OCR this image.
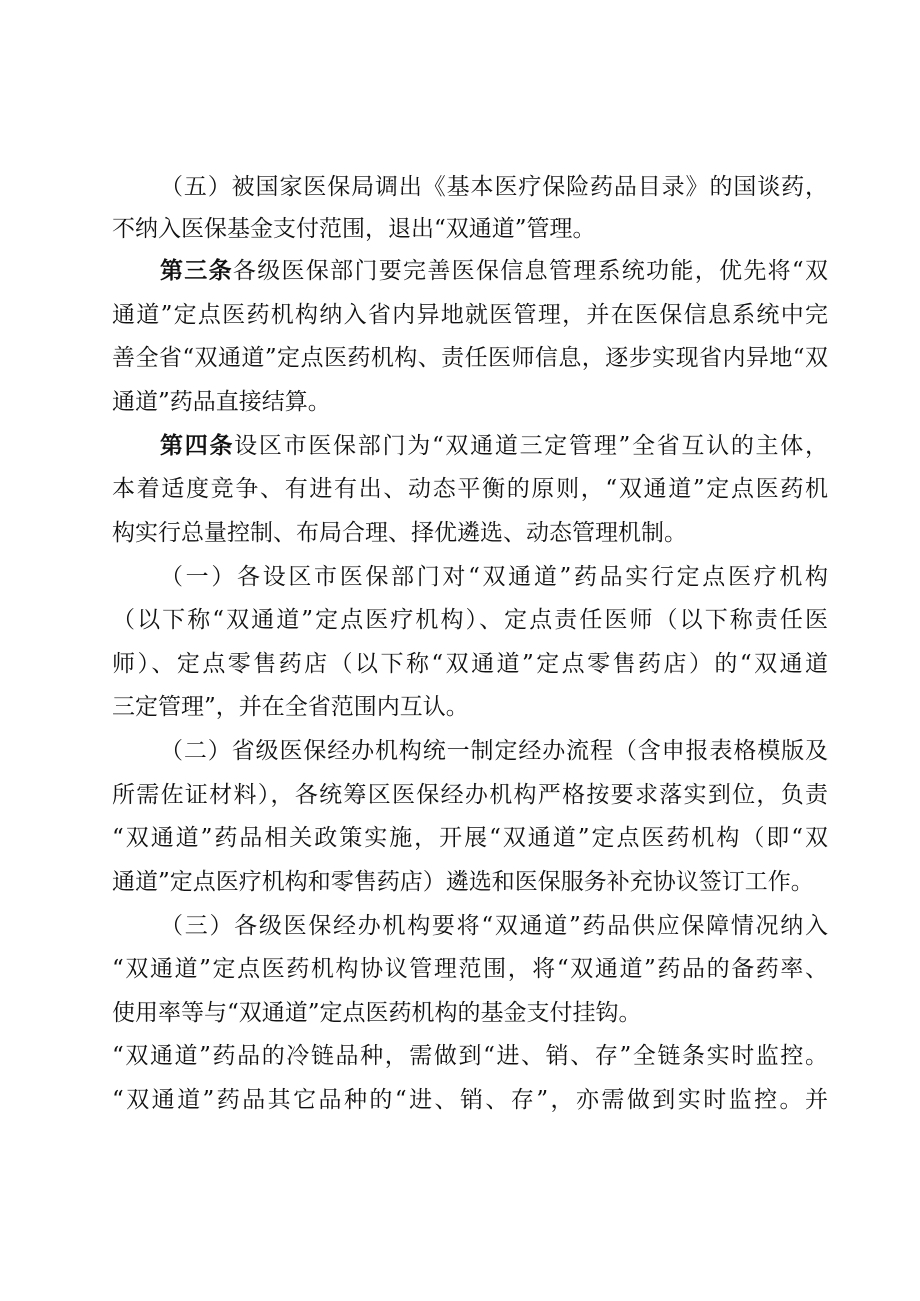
（五）被国家医保局调出《基本医疗保险药品目录》的国谈药，
不纳入医保基金支付范围，退出“双通道”管理。
第三条各级医保部门要完善医保信息管理系统功能，优先将“双
通道”定点医药机构纳入省内异地就医管理，并在医保信息系统中完
善全省“双通道”定点医药机构、责任医师信息，逐步实现省内异地“双
通道”药品直接结算。
第四条设区市医保部门为“双通道三定管理”全省互认的主体，
本着适度竞争、有进有出、动态平衡的原则，“双通道”定点医药机
构实行总量控制、布局合理、择优遴选、动态管理机制。
（一）各设区市医保部门对“双通道”药品实行定点医疗机构
（以下称“双通道”定点医疗机构）、定点责任医师（以下称责任医
师）、定点零售药店（以下称“双通道”定点零售药店）的“双通道
三定管理”，并在全省范围内互认。
（二）省级医保经办机构统一制定经办流程（含申报表格模版及
所需佐证材料），各统筹区医保经办机构严格按要求落实到位，负责
“双通道”药品相关政策实施，开展“双通道”定点医药机构（即“双
通道”定点医疗机构和零售药店）遴选和医保服务补充协议签订工作。
（三）各级医保经办机构要将“双通道”药品供应保障情况纳入
“双通道”定点医药机构协议管理范围，将“双通道”药品的备药率、
使用率等与“双通道”定点医药机构的基金支付挂钩。
“双通道”药品的冷链品种，需做到“进、销、存”全链条实时监控。
“双通道”药品其它品种的“进、销、存”，亦需做到实时监控。并
